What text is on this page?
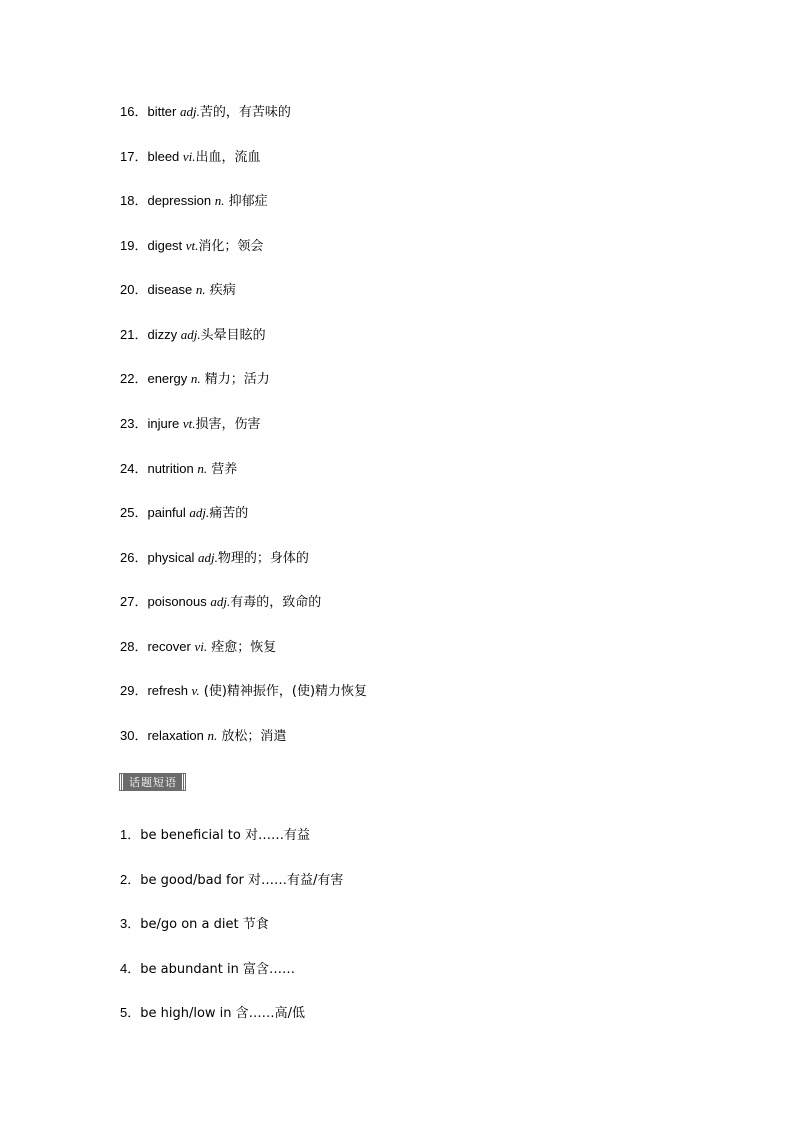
16．bitter adj.苦的，有苦味的
17．bleed vi.出血，流血
18．depression n. 抑郁症
19．digest vt.消化；领会
20．disease n. 疾病
21．dizzy adj.头晕目眩的
22．energy n. 精力；活力
23．injure vt.损害，伤害
24．nutrition n. 营养
25．painful adj.痛苦的
26．physical adj.物理的；身体的
27．poisonous adj.有毒的，致命的
28．recover vi. 痊愈；恢复
29．refresh v. (使)精神振作，(使)精力恢复
30．relaxation n. 放松；消遣
话题短语
1．be beneficial to 对……有益
2．be good/bad for 对……有益/有害
3．be/go on a diet 节食
4．be abundant in 富含……
5．be high/low in 含……高/低
